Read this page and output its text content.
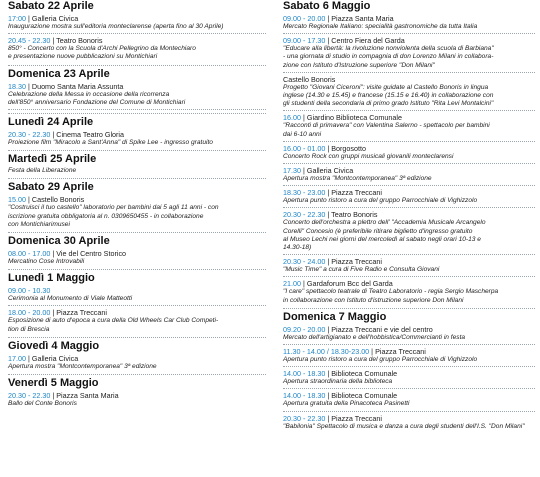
Sabato 22 Aprile
17:00 | Galleria Civica
Inaugurazione mostra sull'editoria monteclarense (aperta fino al 30 Aprile)
20.45 - 22.30 | Teatro Bonoris
850° - Concerto con la Scuola d'Archi Pellegrino da Montechiaro
e presentazione nuove pubblicazioni su Montichiari
Domenica 23 Aprile
18.30 | Duomo Santa Maria Assunta
Celebrazione della Messa in occasione della ricorrenza
dell'850° anniversario Fondazione del Comune di Montichiari
Lunedì 24 Aprile
20.30 - 22.30 | Cinema Teatro Gloria
Proiezione film "Miracolo a Sant'Anna" di Spike Lee - ingresso gratuito
Martedì 25 Aprile
Festa della Liberazione
Sabato 29 Aprile
15.00 | Castello Bonoris
"Costruisci il tuo castello" laboratorio per bambini dai 5 agli 11 anni - con
iscrizione gratuita obbligatoria al n. 0309650455 - in collaborazione
con Montichiarimusei
Domenica 30 Aprile
08.00 - 17.00 | Vie del Centro Storico
Mercatino Cose Introvabili
Lunedì 1 Maggio
09.00 - 10.30
Cerimonia al Monumento di Viale Matteotti
18.00 - 20.00 | Piazza Treccani
Esposizione di auto d'epoca a cura della Old Wheels Car Club Competi-
tion di Brescia
Giovedì 4 Maggio
17.00 | Galleria Civica
Apertura mostra "Montcontemporanea" 3ª edizione
Venerdì 5 Maggio
20.30 - 22.30 | Piazza Santa Maria
Ballo del Conte Bonoris
Sabato 6 Maggio
09.00 - 20.00 | Piazza Santa Maria
Mercato Regionale Italiano: specialità gastronomiche da tutta Italia
09.00 - 17.30 | Centro Fiera del Garda
"Educare alla libertà: la rivoluzione nonviolenta della scuola di Barbiana"
- una giornata di studio in compagnia di don Lorenzo Milani in collabora-
zione con Istituto d'Istruzione superiore "Don Milani"
Castello Bonoris
Progetto "Giovani Ciceroni": visite guidate al Castello Bonoris in lingua
inglese (14.30 e 15.45) e francese (15.15 e 16.40) in collaborazione con
gli studenti della secondaria di primo grado Istituto "Rita Levi Montalcini"
16.00 | Giardino Biblioteca Comunale
"Racconti di primavera" con Valentina Salerno - spettacolo per bambini
dai 6-10 anni
16.00 - 01.00 | Borgosotto
Concerto Rock con gruppi musicali giovanili monteclarensi
17.30 | Galleria Civica
Apertura mostra "Montcontemporanea" 3ª edizione
18.30 - 23.00 | Piazza Treccani
Apertura punto ristoro a cura del gruppo Parrocchiale di Vighizzolo
20.30 - 22.30 | Teatro Bonoris
Concerto dell'orchestra a plettro dell' "Accademia Musicale Arcangelo
Corelli" Concesio (è preferibile ritirare biglietto d'ingresso gratuito
al Museo Lechi nei giorni del mercoledì al sabato negli orari 10-13 e
14.30-18)
20.30 - 24.00 | Piazza Treccani
"Music Time" a cura di Five Radio e Consulta Giovani
21.00 | Gardaforum Bcc del Garda
"I care" spettacolo teatrale di Teatro Laboratorio - regia Sergio Mascherpa
in collaborazione con Istituto d'istruzione superiore Don Milani
Domenica 7 Maggio
09.20 - 20.00 | Piazza Treccani e vie del centro
Mercato dell'artigianato e dell'hobbistica/Commercianti in festa
11.30 - 14.00 / 18.30-23.00 | Piazza Treccani
Apertura punto ristoro a cura del gruppo Parrocchiale di Vighizzolo
14.00 - 18.30 | Biblioteca Comunale
Apertura straordinaria della biblioteca
14.00 - 18.30 | Biblioteca Comunale
Apertura gratuita della Pinacoteca Pasinetti
20.30 - 22.30 | Piazza Treccani
"Babilonia" Spettacolo di musica e danza a cura degli studenti dell'I.S. "Don Milani"
